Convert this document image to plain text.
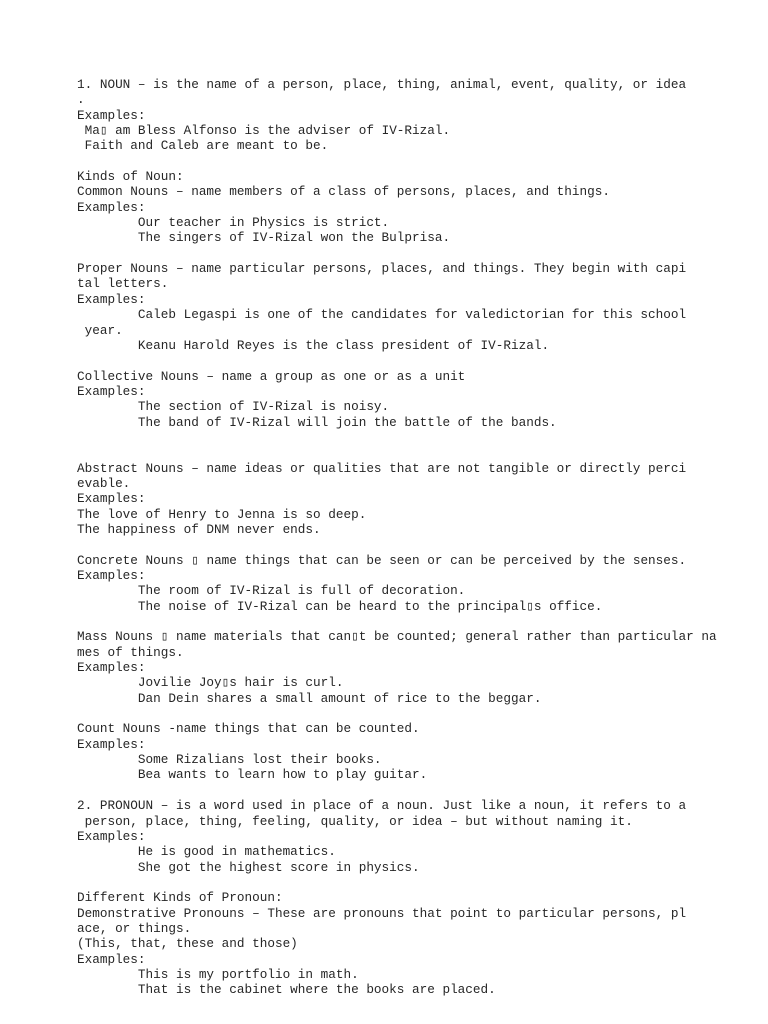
1. NOUN – is the name of a person, place, thing, animal, event, quality, or idea
.
Examples:
Ma▯ am Bless Alfonso is the adviser of IV-Rizal.
Faith and Caleb are meant to be.
Kinds of Noun:
Common Nouns – name members of a class of persons, places, and things.
Examples:
Our teacher in Physics is strict.
The singers of IV-Rizal won the Bulprisa.
Proper Nouns – name particular persons, places, and things. They begin with capi
tal letters.
Examples:
Caleb Legaspi is one of the candidates for valedictorian for this school
year.
Keanu Harold Reyes is the class president of IV-Rizal.
Collective Nouns – name a group as one or as a unit
Examples:
The section of IV-Rizal is noisy.
The band of IV-Rizal will join the battle of the bands.
Abstract Nouns – name ideas or qualities that are not tangible or directly perci
evable.
Examples:
The love of Henry to Jenna is so deep.
The happiness of DNM never ends.
Concrete Nouns ▯ name things that can be seen or can be perceived by the senses.
Examples:
The room of IV-Rizal is full of decoration.
The noise of IV-Rizal can be heard to the principal▯s office.
Mass Nouns ▯ name materials that can▯t be counted; general rather than particular na
mes of things.
Examples:
Jovilie Joy▯s hair is curl.
Dan Dein shares a small amount of rice to the beggar.
Count Nouns -name things that can be counted.
Examples:
Some Rizalians lost their books.
Bea wants to learn how to play guitar.
2. PRONOUN – is a word used in place of a noun. Just like a noun, it refers to a
person, place, thing, feeling, quality, or idea – but without naming it.
Examples:
He is good in mathematics.
She got the highest score in physics.
Different Kinds of Pronoun:
Demonstrative Pronouns – These are pronouns that point to particular persons, pl
ace, or things.
(This, that, these and those)
Examples:
This is my portfolio in math.
That is the cabinet where the books are placed.
